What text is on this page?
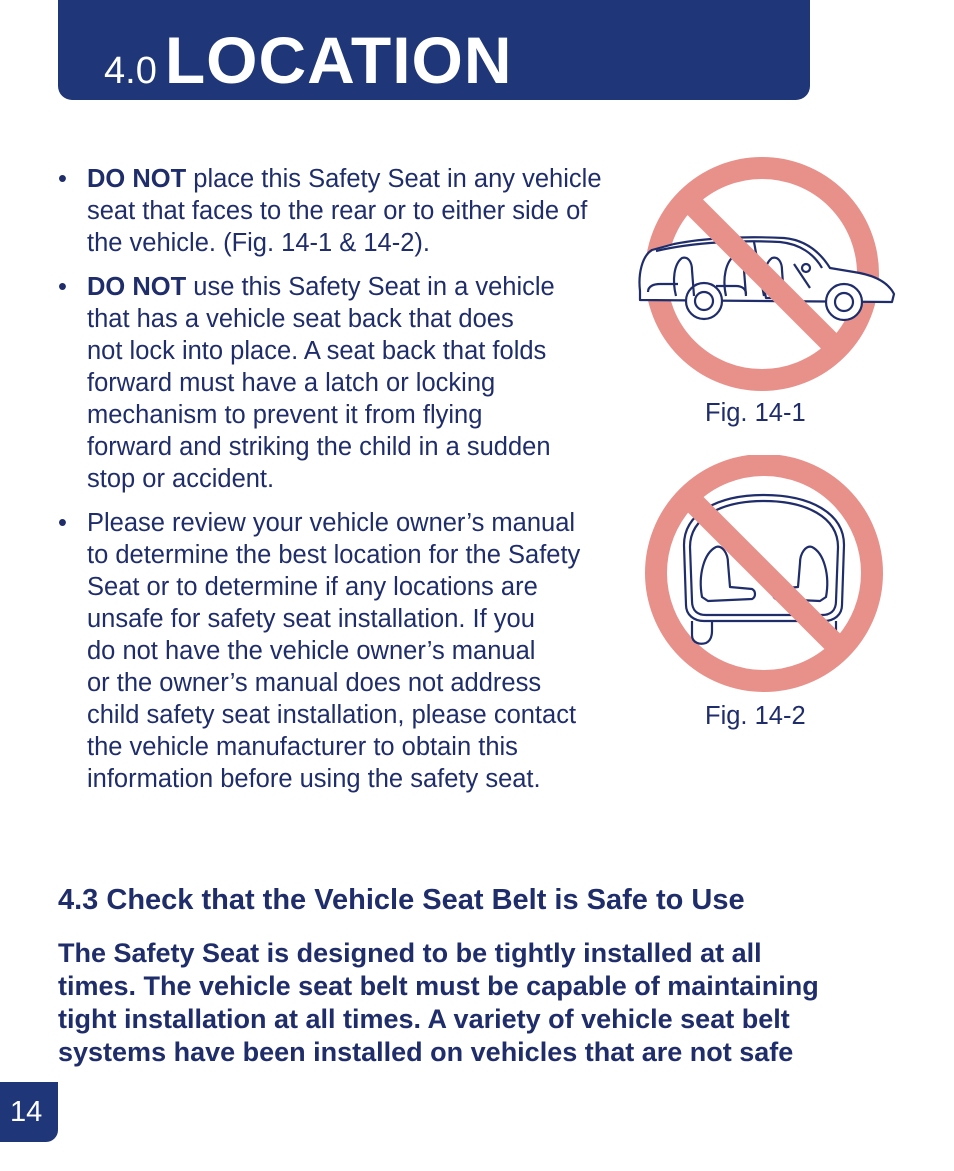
4.0 LOCATION
• DO NOT place this Safety Seat in any vehicle
seat that faces to the rear or to either side of
the vehicle. (Fig. 14-1 & 14-2).
• DO NOT use this Safety Seat in a vehicle
that has a vehicle seat back that does
not lock into place. A seat back that folds
forward must have a latch or locking
mechanism to prevent it from flying
forward and striking the child in a sudden
stop or accident.
• Please review your vehicle owner’s manual
to determine the best location for the Safety
Seat or to determine if any locations are
unsafe for safety seat installation. If you
do not have the vehicle owner’s manual
or the owner’s manual does not address
child safety seat installation, please contact
the vehicle manufacturer to obtain this
information before using the safety seat.
Fig. 14-1
Fig. 14-2
4.3 Check that the Vehicle Seat Belt is Safe to Use
The Safety Seat is designed to be tightly installed at all
times. The vehicle seat belt must be capable of maintaining
tight installation at all times. A variety of vehicle seat belt
systems have been installed on vehicles that are not safe
14
